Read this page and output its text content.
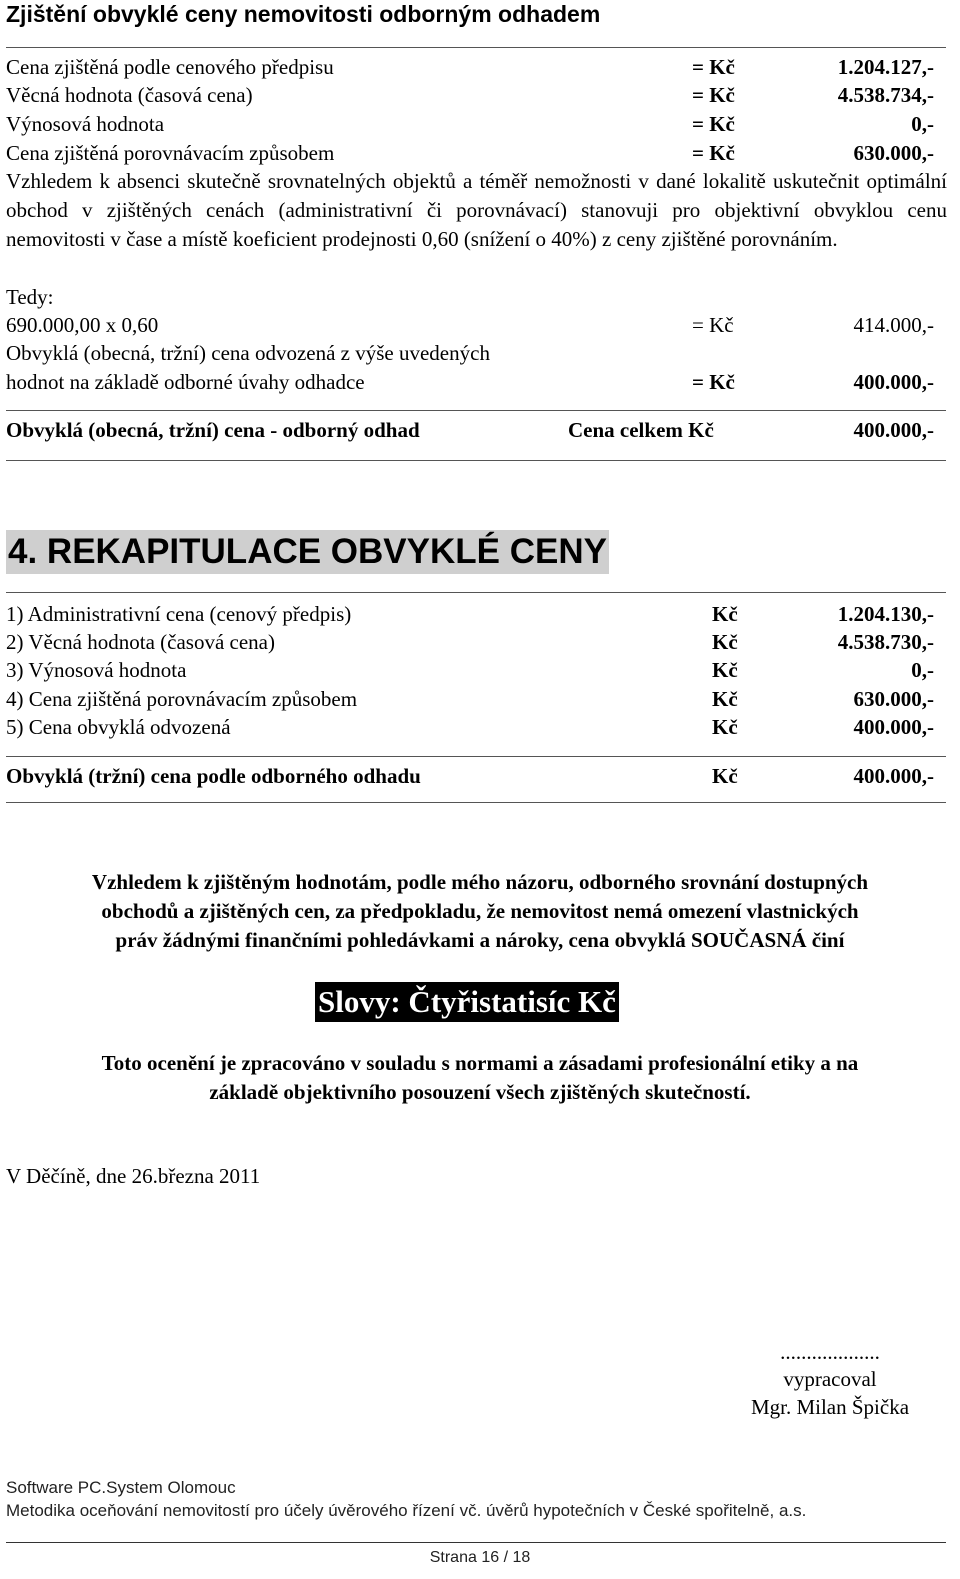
Zjištění obvyklé ceny nemovitosti odborným odhadem
Cena zjištěná podle cenového předpisu	= Kč	1.204.127,-
Věcná hodnota (časová cena)	= Kč	4.538.734,-
Výnosová hodnota	= Kč	0,-
Cena zjištěná porovnávacím způsobem	= Kč	630.000,-
Vzhledem k absenci skutečně srovnatelných objektů a téměř nemožnosti v dané lokalitě uskutečnit optimální obchod v zjištěných cenách (administrativní či porovnávací) stanovuji pro objektivní obvyklou cenu nemovitosti v čase a místě koeficient prodejnosti 0,60 (snížení o 40%) z ceny zjištěné porovnáním.
Tedy:
690.000,00 x 0,60	= Kč	414.000,-
Obvyklá (obecná, tržní) cena odvozená z výše uvedených
hodnot na základě odborné úvahy odhadce	= Kč	400.000,-
Obvyklá (obecná, tržní) cena - odborný odhad	Cena celkem Kč	400.000,-
4. REKAPITULACE OBVYKLÉ CENY
1) Administrativní cena (cenový předpis)	Kč	1.204.130,-
2) Věcná hodnota (časová cena)	Kč	4.538.730,-
3) Výnosová hodnota	Kč	0,-
4) Cena zjištěná porovnávacím způsobem	Kč	630.000,-
5) Cena obvyklá odvozená	Kč	400.000,-
Obvyklá (tržní) cena podle odborného odhadu	Kč	400.000,-
Vzhledem k zjištěným hodnotám, podle mého názoru, odborného srovnání dostupných
obchodů a zjištěných cen, za předpokladu, že nemovitost nemá omezení vlastnických
práv žádnými finančními pohledávkami a nároky, cena obvyklá SOUČASNÁ činí
Slovy: Čtyřistatisíc Kč
Toto ocenění je zpracováno v souladu s normami a zásadami profesionální etiky a na
základě objektivního posouzení všech zjištěných skutečností.
V Děčíně, dne 26.března 2011
...................
vypracoval
Mgr. Milan Špička
Software PC.System Olomouc
Metodika oceňování nemovitostí pro účely úvěrového řízení vč. úvěrů hypotečních v České spořitelně, a.s.
Strana 16 / 18
